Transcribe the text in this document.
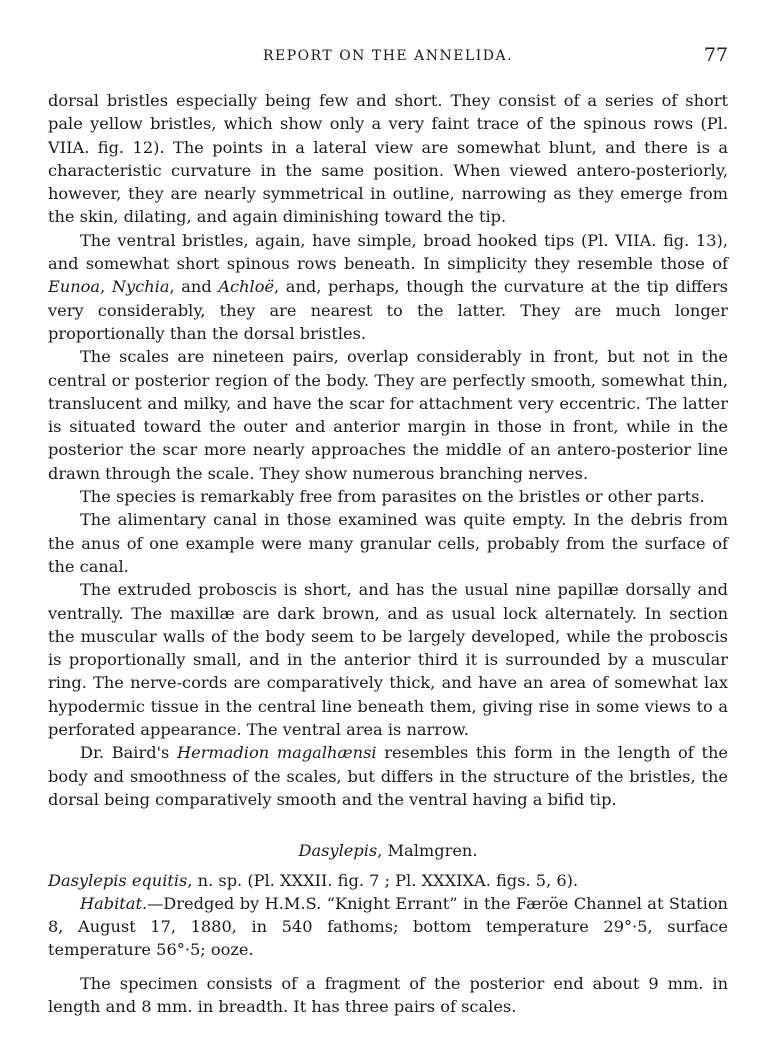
REPORT ON THE ANNELIDA.	77

dorsal bristles especially being few and short. They consist of a series of short pale yellow bristles, which show only a very faint trace of the spinous rows (Pl. VIIA. fig. 12). The points in a lateral view are somewhat blunt, and there is a characteristic curvature in the same position. When viewed antero-posteriorly, however, they are nearly symmetrical in outline, narrowing as they emerge from the skin, dilating, and again diminishing toward the tip.

The ventral bristles, again, have simple, broad hooked tips (Pl. VIIA. fig. 13), and somewhat short spinous rows beneath. In simplicity they resemble those of Eunoa, Nychia, and Achloë, and, perhaps, though the curvature at the tip differs very considerably, they are nearest to the latter. They are much longer proportionally than the dorsal bristles.

The scales are nineteen pairs, overlap considerably in front, but not in the central or posterior region of the body. They are perfectly smooth, somewhat thin, translucent and milky, and have the scar for attachment very eccentric. The latter is situated toward the outer and anterior margin in those in front, while in the posterior the scar more nearly approaches the middle of an antero-posterior line drawn through the scale. They show numerous branching nerves.

The species is remarkably free from parasites on the bristles or other parts.

The alimentary canal in those examined was quite empty. In the debris from the anus of one example were many granular cells, probably from the surface of the canal.

The extruded proboscis is short, and has the usual nine papillæ dorsally and ventrally. The maxillæ are dark brown, and as usual lock alternately. In section the muscular walls of the body seem to be largely developed, while the proboscis is proportionally small, and in the anterior third it is surrounded by a muscular ring. The nerve-cords are comparatively thick, and have an area of somewhat lax hypodermic tissue in the central line beneath them, giving rise in some views to a perforated appearance. The ventral area is narrow.

Dr. Baird's Hermadion magalhænsi resembles this form in the length of the body and smoothness of the scales, but differs in the structure of the bristles, the dorsal being comparatively smooth and the ventral having a bifid tip.

Dasylepis, Malmgren.

Dasylepis equitis, n. sp. (Pl. XXXII. fig. 7 ; Pl. XXXIXA. figs. 5, 6).

Habitat.—Dredged by H.M.S. “Knight Errant” in the Færöe Channel at Station 8, August 17, 1880, in 540 fathoms; bottom temperature 29°·5, surface temperature 56°·5; ooze.

The specimen consists of a fragment of the posterior end about 9 mm. in length and 8 mm. in breadth. It has three pairs of scales.
